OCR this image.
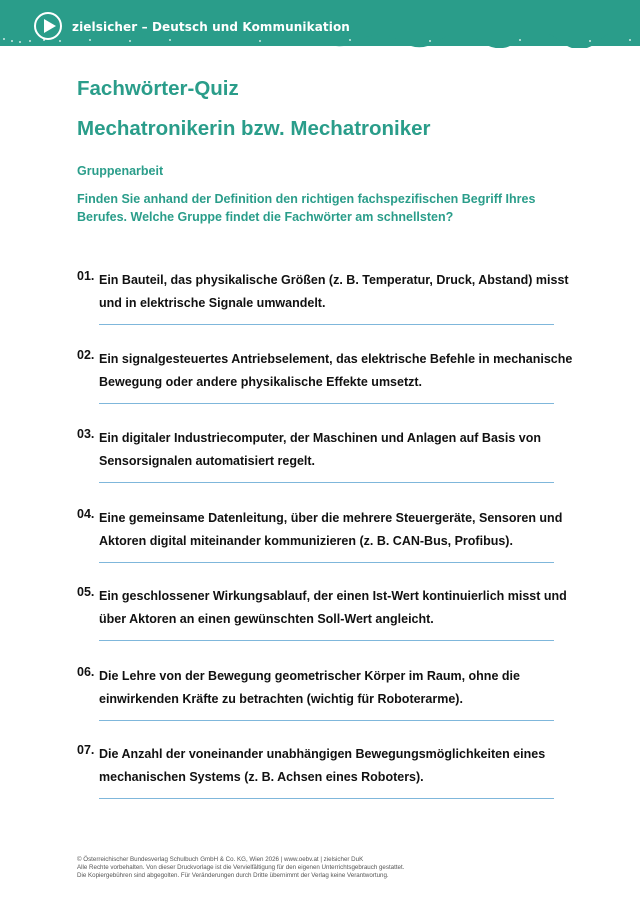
zielsicher – Deutsch und Kommunikation
Fachwörter-Quiz
Mechatronikerin bzw. Mechatroniker

Gruppenarbeit

Finden Sie anhand der Definition den richtigen fachspezifischen Begriff Ihres Berufes. Welche Gruppe findet die Fachwörter am schnellsten?

01. Ein Bauteil, das physikalische Größen (z. B. Temperatur, Druck, Abstand) misst und in elektrische Signale umwandelt.

02. Ein signalgesteuertes Antriebselement, das elektrische Befehle in mechanische Bewegung oder andere physikalische Effekte umsetzt.

03. Ein digitaler Industriecomputer, der Maschinen und Anlagen auf Basis von Sensorsignalen automatisiert regelt.

04. Eine gemeinsame Datenleitung, über die mehrere Steuergeräte, Sensoren und Aktoren digital miteinander kommunizieren (z. B. CAN-Bus, Profibus).

05. Ein geschlossener Wirkungsablauf, der einen Ist-Wert kontinuierlich misst und über Aktoren an einen gewünschten Soll-Wert angleicht.

06. Die Lehre von der Bewegung geometrischer Körper im Raum, ohne die einwirkenden Kräfte zu betrachten (wichtig für Roboterarme).

07. Die Anzahl der voneinander unabhängigen Bewegungsmöglichkeiten eines mechanischen Systems (z. B. Achsen eines Roboters).

© Österreichischer Bundesverlag Schulbuch GmbH & Co. KG, Wien 2026 | www.oebv.at | zielsicher DuK
Alle Rechte vorbehalten. Von dieser Druckvorlage ist die Vervielfältigung für den eigenen Unterrichtsgebrauch gestattet.
Die Kopiergebühren sind abgegolten. Für Veränderungen durch Dritte übernimmt der Verlag keine Verantwortung.
